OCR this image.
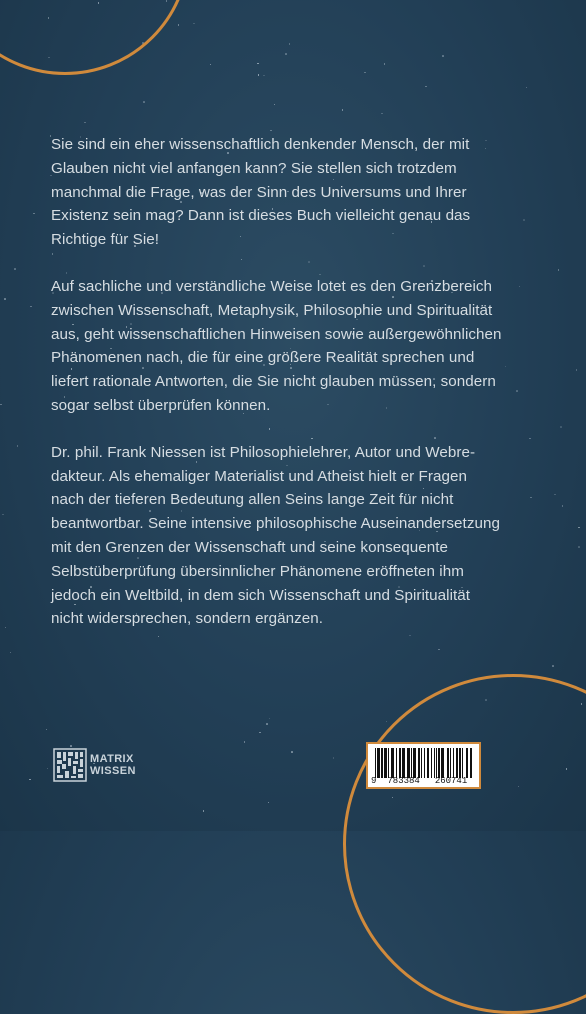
Sie sind ein eher wissenschaftlich denkender Mensch, der mit
Glauben nicht viel anfangen kann? Sie stellen sich trotzdem
manchmal die Frage, was der Sinn des Universums und Ihrer
Existenz sein mag? Dann ist dieses Buch vielleicht genau das
Richtige für Sie!

Auf sachliche und verständliche Weise lotet es den Grenzbereich
zwischen Wissenschaft, Metaphysik, Philosophie und Spiritualität
aus, geht wissenschaftlichen Hinweisen sowie außergewöhnlichen
Phänomenen nach, die für eine größere Realität sprechen und
liefert rationale Antworten, die Sie nicht glauben müssen, sondern
sogar selbst überprüfen können.

Dr. phil. Frank Niessen ist Philosophielehrer, Autor und Webre-
dakteur. Als ehemaliger Materialist und Atheist hielt er Fragen
nach der tieferen Bedeutung allen Seins lange Zeit für nicht
beantwortbar. Seine intensive philosophische Auseinandersetzung
mit den Grenzen der Wissenschaft und seine konsequente
Selbstüberprüfung übersinnlicher Phänomene eröffneten ihm
jedoch ein Weltbild, in dem sich Wissenschaft und Spiritualität
nicht widersprechen, sondern ergänzen.

MATRIX
WISSEN
9 783384 260741
